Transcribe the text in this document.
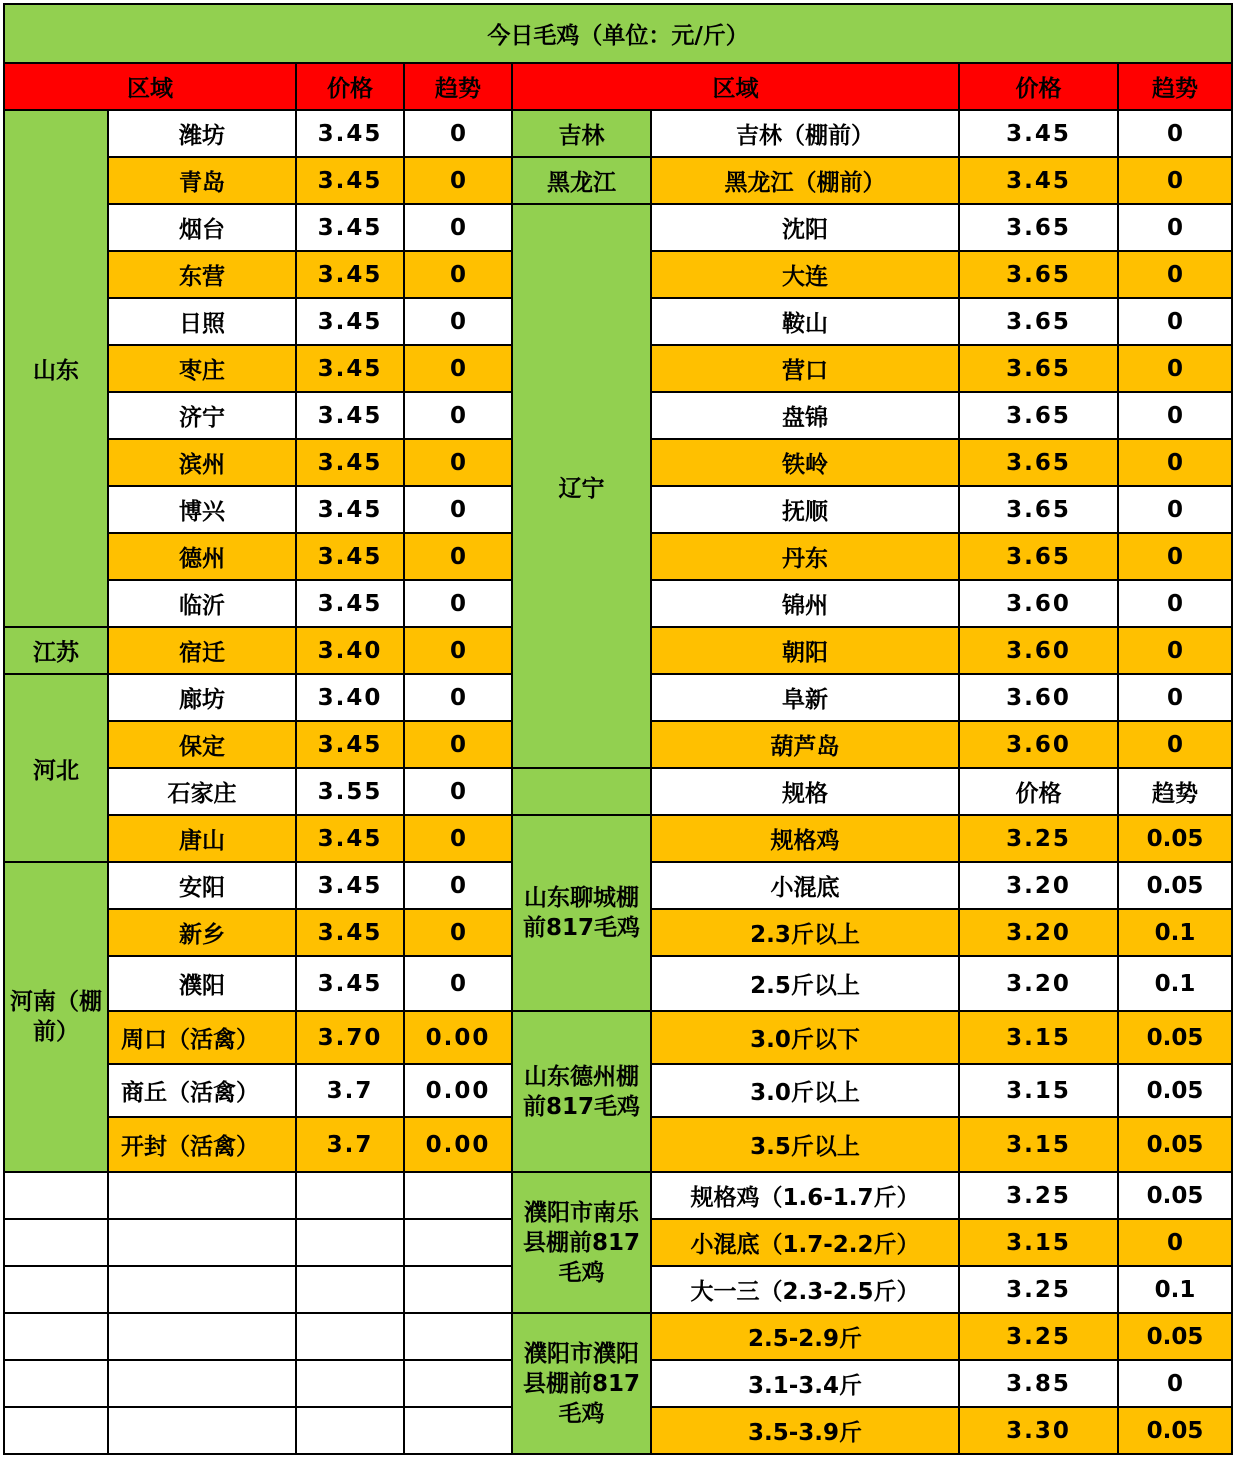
今日毛鸡（单位：元/斤）							
区域		价格	趋势	区域		价格	趋势
山东	潍坊	3.45	0	吉林	吉林（棚前）	3.45	0
	青岛	3.45	0	黑龙江	黑龙江（棚前）	3.45	0
	烟台	3.45	0	辽宁	沈阳	3.65	0
	东营	3.45	0		大连	3.65	0
	日照	3.45	0		鞍山	3.65	0
	枣庄	3.45	0		营口	3.65	0
	济宁	3.45	0		盘锦	3.65	0
	滨州	3.45	0		铁岭	3.65	0
	博兴	3.45	0		抚顺	3.65	0
	德州	3.45	0		丹东	3.65	0
	临沂	3.45	0		锦州	3.60	0
江苏	宿迁	3.40	0		朝阳	3.60	0
河北	廊坊	3.40	0		阜新	3.60	0
	保定	3.45	0		葫芦岛	3.60	0
	石家庄	3.55	0		规格	价格	趋势
	唐山	3.45	0	山东聊城棚前817毛鸡	规格鸡	3.25	0.05
河南（棚前）	安阳	3.45	0		小混底	3.20	0.05
	新乡	3.45	0		2.3斤以上	3.20	0.1
	濮阳	3.45	0		2.5斤以上	3.20	0.1
	周口（活禽）	3.70	0.00	山东德州棚前817毛鸡	3.0斤以下	3.15	0.05
	商丘（活禽）	3.7	0.00		3.0斤以上	3.15	0.05
	开封（活禽）	3.7	0.00		3.5斤以上	3.15	0.05
				濮阳市南乐县棚前817毛鸡	规格鸡（1.6-1.7斤）	3.25	0.05
					小混底（1.7-2.2斤）	3.15	0
					大一三（2.3-2.5斤）	3.25	0.1
				濮阳市濮阳县棚前817毛鸡	2.5-2.9斤	3.25	0.05
					3.1-3.4斤	3.85	0
					3.5-3.9斤	3.30	0.05
